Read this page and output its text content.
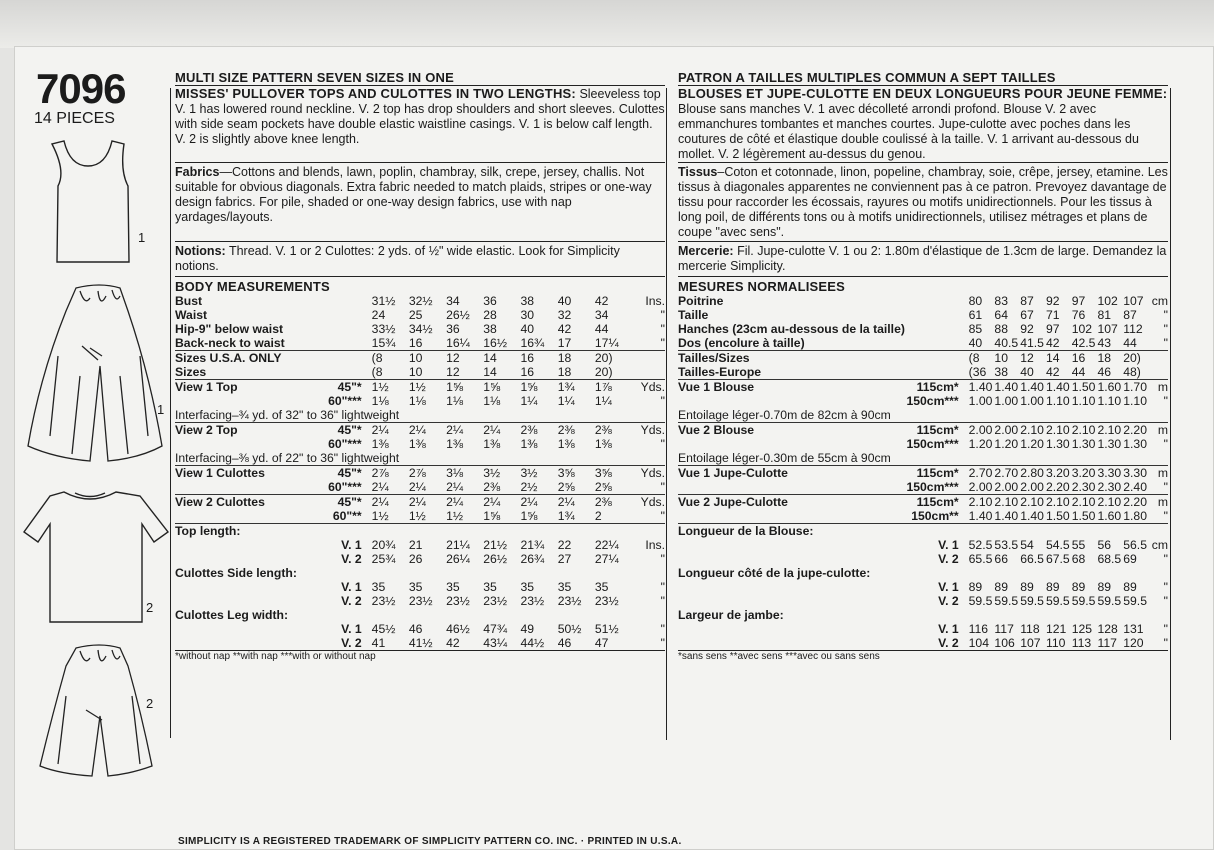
7096
14 PIECES
1
1
2
2
MULTI SIZE PATTERN SEVEN SIZES IN ONE
MISSES' PULLOVER TOPS AND CULOTTES IN TWO LENGTHS: Sleeveless top V. 1 has lowered round neckline. V. 2 top has drop shoulders and short sleeves. Culottes with side seam pockets have double elastic waistline casings. V. 1 is below calf length. V. 2 is slightly above knee length.
Fabrics—Cottons and blends, lawn, poplin, chambray, silk, crepe, jersey, challis. Not suitable for obvious diagonals. Extra fabric needed to match plaids, stripes or one-way design fabrics. For pile, shaded or one-way design fabrics, use with nap yardages/layouts.
Notions: Thread. V. 1 or 2 Culottes: 2 yds. of ½" wide elastic. Look for Simplicity notions.
BODY MEASUREMENTS
Bust		31½	32½	34	36	38	40	42	Ins.
Waist		24	25	26½	28	30	32	34	"
Hip-9" below waist		33½	34½	36	38	40	42	44	"
Back-neck to waist		15¾	16	16¼	16½	16¾	17	17¼	"
Sizes U.S.A. ONLY		(8	10	12	14	16	18	20)	
Sizes		(8	10	12	14	16	18	20)	
View 1 Top	45"*	1½	1½	1⅝	1⅝	1⅝	1¾	1⅞	Yds.
	60"***	1⅛	1⅛	1⅛	1⅛	1¼	1¼	1¼	"
Interfacing–¾ yd. of 32" to 36" lightweight									
View 2 Top	45"*	2¼	2¼	2¼	2¼	2⅜	2⅜	2⅜	Yds.
	60"***	1⅜	1⅜	1⅜	1⅜	1⅜	1⅜	1⅜	"
Interfacing–⅜ yd. of 22" to 36" lightweight									
View 1 Culottes	45"*	2⅞	2⅞	3⅛	3½	3½	3⅝	3⅝	Yds.
	60"***	2¼	2¼	2¼	2⅜	2½	2⅝	2⅝	"
View 2 Culottes	45"*	2¼	2¼	2¼	2¼	2¼	2¼	2⅜	Yds.
	60"**	1½	1½	1½	1⅝	1⅝	1¾	2	"
Top length:									
	V. 1	20¾	21	21¼	21½	21¾	22	22¼	Ins.
	V. 2	25¾	26	26¼	26½	26¾	27	27¼	"
Culottes Side length:									
	V. 1	35	35	35	35	35	35	35	"
	V. 2	23½	23½	23½	23½	23½	23½	23½	"
Culottes Leg width:									
	V. 1	45½	46	46½	47¾	49	50½	51½	"
	V. 2	41	41½	42	43¼	44½	46	47	"
*without nap **with nap ***with or without nap
PATRON A TAILLES MULTIPLES COMMUN A SEPT TAILLES
BLOUSES ET JUPE-CULOTTE EN DEUX LONGUEURS POUR JEUNE FEMME: Blouse sans manches V. 1 avec décolleté arrondi profond. Blouse V. 2 avec emmanchures tombantes et manches courtes. Jupe-culotte avec poches dans les coutures de côté et élastique double coulissé à la taille. V. 1 arrivant au-dessous du mollet. V. 2 légèrement au-dessus du genou.
Tissus–Coton et cotonnade, linon, popeline, chambray, soie, crêpe, jersey, etamine. Les tissus à diagonales apparentes ne conviennent pas à ce patron. Prevoyez davantage de tissu pour raccorder les écossais, rayures ou motifs unidirectionnels. Pour les tissus à long poil, de différents tons ou à motifs unidirectionnels, utilisez métrages et plans de coupe "avec sens".
Mercerie: Fil. Jupe-culotte V. 1 ou 2: 1.80m d'élastique de 1.3cm de large. Demandez la mercerie Simplicity.
MESURES NORMALISEES
Poitrine		80	83	87	92	97	102	107	cm
Taille		61	64	67	71	76	81	87	"
Hanches (23cm au-dessous de la taille)		85	88	92	97	102	107	112	"
Dos (encolure à taille)		40	40.5	41.5	42	42.5	43	44	"
Tailles/Sizes		(8	10	12	14	16	18	20)	
Tailles-Europe		(36	38	40	42	44	46	48)	
Vue 1 Blouse	115cm*	1.40	1.40	1.40	1.40	1.50	1.60	1.70	m
	150cm***	1.00	1.00	1.00	1.10	1.10	1.10	1.10	"
Entoilage léger-0.70m de 82cm à 90cm									
Vue 2 Blouse	115cm*	2.00	2.00	2.10	2.10	2.10	2.10	2.20	m
	150cm***	1.20	1.20	1.20	1.30	1.30	1.30	1.30	"
Entoilage léger-0.30m de 55cm à 90cm									
Vue 1 Jupe-Culotte	115cm*	2.70	2.70	2.80	3.20	3.20	3.30	3.30	m
	150cm***	2.00	2.00	2.00	2.20	2.30	2.30	2.40	"
Vue 2 Jupe-Culotte	115cm*	2.10	2.10	2.10	2.10	2.10	2.10	2.20	m
	150cm**	1.40	1.40	1.40	1.50	1.50	1.60	1.80	"
Longueur de la Blouse:									
	V. 1	52.5	53.5	54	54.5	55	56	56.5	cm
	V. 2	65.5	66	66.5	67.5	68	68.5	69	"
Longueur côté de la jupe-culotte:									
	V. 1	89	89	89	89	89	89	89	"
	V. 2	59.5	59.5	59.5	59.5	59.5	59.5	59.5	"
Largeur de jambe:									
	V. 1	116	117	118	121	125	128	131	"
	V. 2	104	106	107	110	113	117	120	"
*sans sens **avec sens ***avec ou sans sens
SIMPLICITY IS A REGISTERED TRADEMARK OF SIMPLICITY PATTERN CO. INC. · PRINTED IN U.S.A.
